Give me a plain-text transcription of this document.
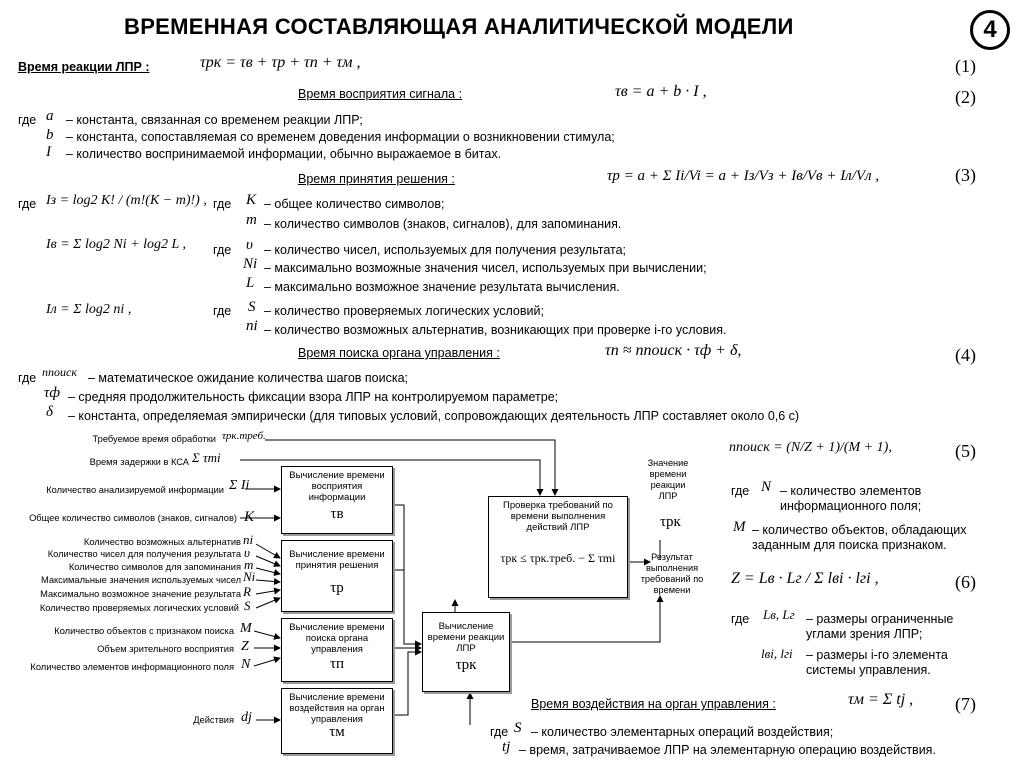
ВРЕМЕННАЯ СОСТАВЛЯЮЩАЯ АНАЛИТИЧЕСКОЙ МОДЕЛИ	4
Время реакции ЛПР :	τрк = τв + τр + τп + τм ,	(1)
Время восприятия сигнала :	τв = a + b · I ,	(2)
где a – константа, связанная со временем реакции ЛПР;
b – константа, сопоставляемая со временем доведения информации о возникновении стимула;
I – количество воспринимаемой информации, обычно выражаемое в битах.
Время принятия решения :	τр = a + Σ Ii/Vi = a + Iз/Vз + Iв/Vв + Iл/Vл ,	(3)
где Iз = log2 K! / (m!(K − m)!) ,
Iв = Σ log2 Ni + log2 L ,
Iл = Σ log2 ni ,
где K – общее количество символов;
m – количество символов (знаков, сигналов), для запоминания.
где υ – количество чисел, используемых для получения результата;
Ni – максимально возможные значения чисел, используемых при вычислении;
L – максимально возможное значение результата вычисления.
где S – количество проверяемых логических условий;
ni – количество возможных альтернатив, возникающих при проверке i-го условия.
Время поиска органа управления :	τп ≈ nпоиск · τф + δ,	(4)
где nпоиск – математическое ожидание количества шагов поиска;
τф – средняя продолжительность фиксации взора ЛПР на контролируемом параметре;
δ – константа, определяемая эмпирически (для типовых условий, сопровождающих деятельность ЛПР составляет около 0,6 с)
nпоиск = (N/Z + 1)/(M + 1),	(5)
где N – количество элементов
информационного поля;
M – количество объектов, обладающих
заданным для поиска признаком.
Z = Lв · Lг / Σ lвi · lгi ,	(6)
где Lв, Lг – размеры ограниченные
углами зрения ЛПР;
lвi, lгi – размеры i-го элемента
системы управления.
Время воздействия на орган управления :	τм = Σ tj , (7)
где S – количество элементарных операций воздействия;
tj – время, затрачиваемое ЛПР на элементарную операцию воздействия.
Требуемое время обработки τрк.треб.
Время задержки в КСА Σ τmi
Количество анализируемой информации Σ Ii
Общее количество символов (знаков, сигналов) K
Количество возможных альтернатив ni
Количество чисел для получения результата υ
Количество символов для запоминания m
Максимальные значения используемых чисел Ni
Максимально возможное значение результата R
Количество проверяемых логических условий S
Количество объектов с признаком поиска M
Объем зрительного восприятия Z
Количество элементов информационного поля N
Действия dj
Вычисление времени восприятия информации
τв
Вычисление времени принятия решения
τр
Вычисление времени поиска органа управления
τп
Вычисление времени воздействия на орган управления
τм
Вычисление времени реакции ЛПР
τрк
Проверка требований по времени выполнения действий ЛПР
τрк ≤ τрк.треб. − Σ τmi
Значение времени реакции ЛПР
τрк
Результат выполнения требований по времени
